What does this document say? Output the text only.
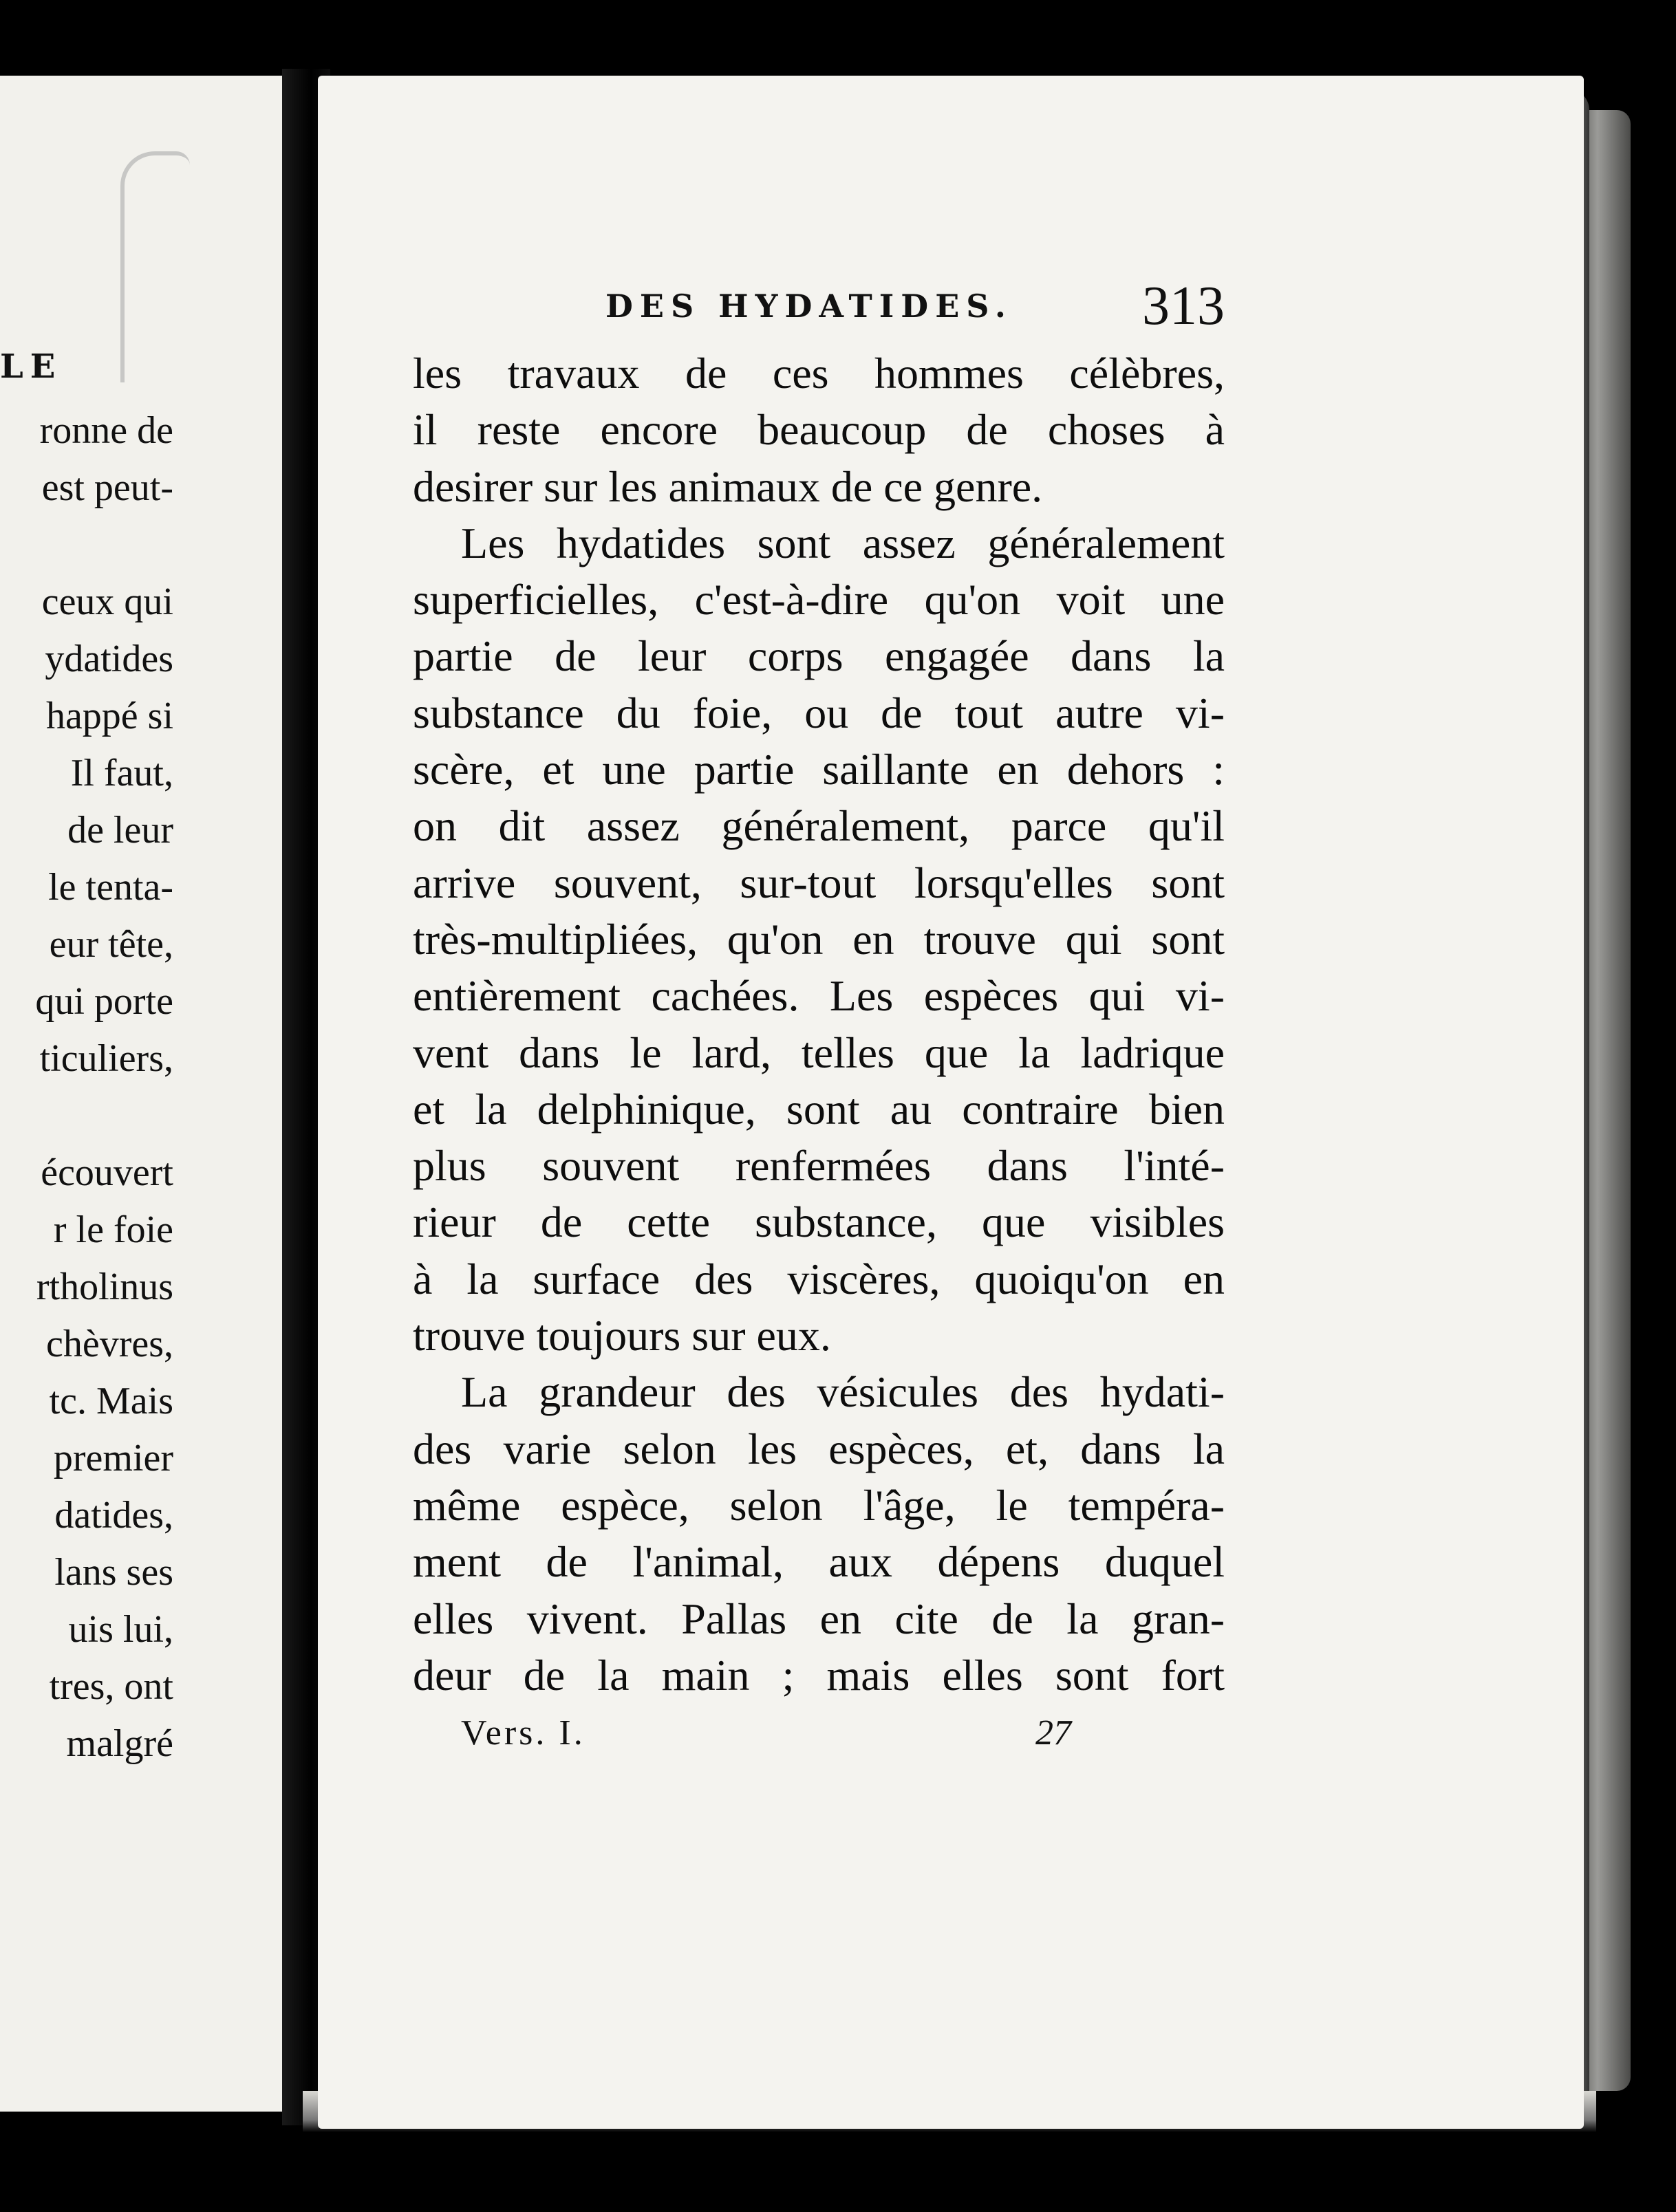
LE
ronne de
est peut-
ceux qui
ydatides
happé si
Il faut,
de leur
le tenta-
eur tête,
qui porte
ticuliers,
écouvert
r le foie
rtholinus
chèvres,
tc. Mais
premier
datides,
lans ses
uis lui,
tres, ont
malgré
DES HYDATIDES. 313
les travaux de ces hommes célèbres,
il reste encore beaucoup de choses à
desirer sur les animaux de ce genre.
Les hydatides sont assez généralement
superficielles, c'est-à-dire qu'on voit une
partie de leur corps engagée dans la
substance du foie, ou de tout autre vi-
scère, et une partie saillante en dehors :
on dit assez généralement, parce qu'il
arrive souvent, sur-tout lorsqu'elles sont
très-multipliées, qu'on en trouve qui sont
entièrement cachées. Les espèces qui vi-
vent dans le lard, telles que la ladrique
et la delphinique, sont au contraire bien
plus souvent renfermées dans l'inté-
rieur de cette substance, que visibles
à la surface des viscères, quoiqu'on en
trouve toujours sur eux.
La grandeur des vésicules des hydati-
des varie selon les espèces, et, dans la
même espèce, selon l'âge, le tempéra-
ment de l'animal, aux dépens duquel
elles vivent. Pallas en cite de la gran-
deur de la main ; mais elles sont fort
Vers. I.	27
